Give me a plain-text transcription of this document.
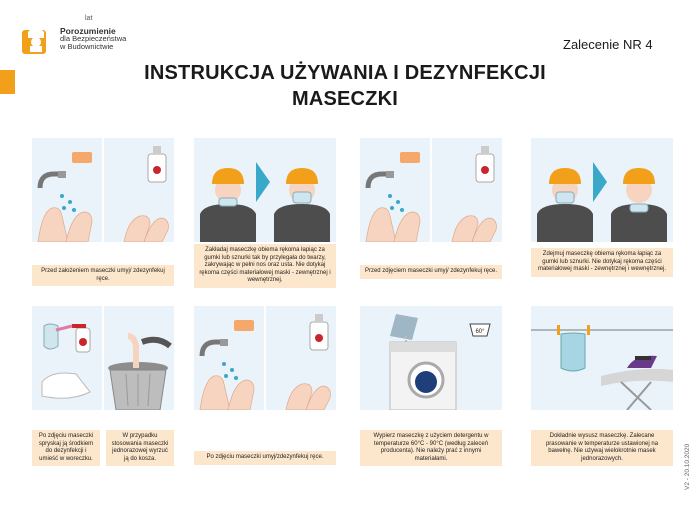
lat
Porozumienie
dla Bezpieczeństwa
w Budownictwie	Zalecenie NR 4
INSTRUKCJA UŻYWANIA I DEZYNFEKCJI
MASECZKI
Przed założeniem maseczki umyj/ zdezynfekuj ręce.
Zakładaj maseczkę obiema rękoma łapiąc za gumki lub sznurki tak by przylegała do twarzy, zakrywając w pełni nos oraz usta. Nie dotykaj rękoma części materiałowej maski - zewnętrznej i wewnętrznej.
Przed zdjęciem maseczki umyj/ zdezynfekuj ręce.
Zdejmuj maseczkę obiema rękoma łapiąc za gumki lub sznurki. Nie dotykaj rękoma części materiałowej maski - zewnętrznej i wewnętrznej.
60°
Po zdjęciu maseczki spryskaj ją środkiem do dezynfekcji i umieść w woreczku.
W przypadku stosowania maseczki jednorazowej wyrzuć ją do kosza.	Po zdjęciu maseczki umyj/zdezynfekuj ręce.
Wypierz maseczkę z użyciem detergentu w temperaturze 60°C - 90°C (według zaleceń producenta). Nie należy prać z innymi materiałami.
Dokładnie wysusz maseczkę. Zalecane prasowanie w temperaturze ustawionej na bawełnę. Nie używaj wielokrotnie masek jednorazowych.	V2 - 20.10.2020
